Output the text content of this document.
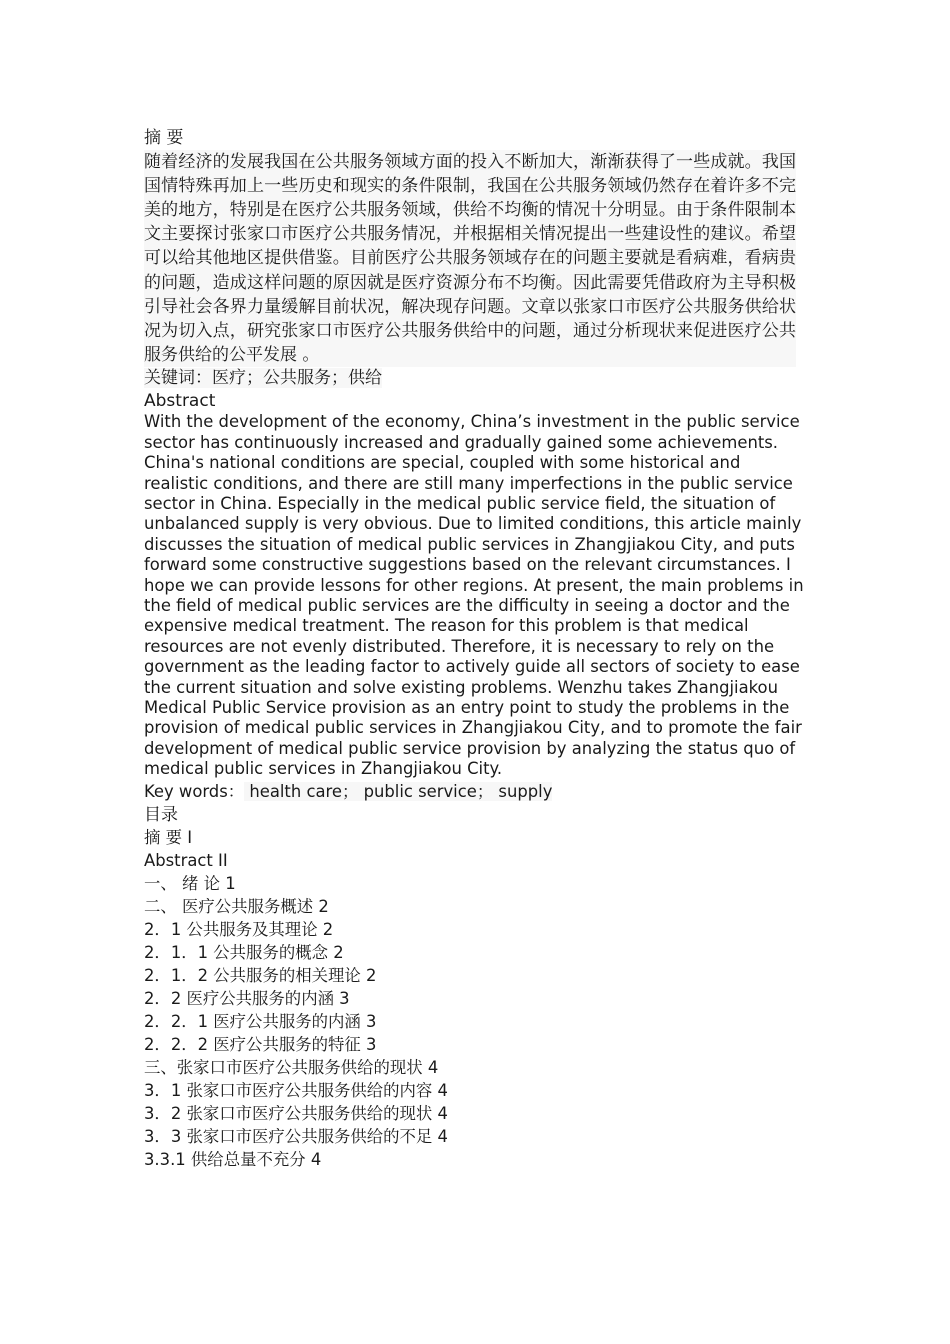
摘 要

随着经济的发展我国在公共服务领域方面的投入不断加大，渐渐获得了一些成就。我国国情特殊再加上一些历史和现实的条件限制，我国在公共服务领域仍然存在着许多不完美的地方，特别是在医疗公共服务领域，供给不均衡的情况十分明显。由于条件限制本文主要探讨张家口市医疗公共服务情况，并根据相关情况提出一些建设性的建议。希望可以给其他地区提供借鉴。目前医疗公共服务领域存在的问题主要就是看病难，看病贵的问题，造成这样问题的原因就是医疗资源分布不均衡。因此需要凭借政府为主导积极引导社会各界力量缓解目前状况，解决现存问题。文章以张家口市医疗公共服务供给状况为切入点，研究张家口市医疗公共服务供给中的问题，通过分析现状来促进医疗公共服务供给的公平发展 。

关键词：医疗；公共服务；供给
Abstract

With the development of the economy, China’s investment in the public service sector has continuously increased and gradually gained some achievements. China's national conditions are special, coupled with some historical and realistic conditions, and there are still many imperfections in the public service sector in China. Especially in the medical public service field, the situation of unbalanced supply is very obvious. Due to limited conditions, this article mainly discusses the situation of medical public services in Zhangjiakou City, and puts forward some constructive suggestions based on the relevant circumstances. I hope we can provide lessons for other regions. At present, the main problems in the field of medical public services are the difficulty in seeing a doctor and the expensive medical treatment. The reason for this problem is that medical resources are not evenly distributed. Therefore, it is necessary to rely on the government as the leading factor to actively guide all sectors of society to ease the current situation and solve existing problems. Wenzhu takes Zhangjiakou Medical Public Service provision as an entry point to study the problems in the provision of medical public services in Zhangjiakou City, and to promote the fair development of medical public service provision by analyzing the status quo of medical public services in Zhangjiakou City.

Key words： health care； public service； supply
目录
摘 要 I
Abstract II
一、 绪 论 1
二、 医疗公共服务概述 2
2．1 公共服务及其理论 2
2．1．1 公共服务的概念 2
2．1．2 公共服务的相关理论 2
2．2 医疗公共服务的内涵 3
2．2．1 医疗公共服务的内涵 3
2．2．2 医疗公共服务的特征 3
三、张家口市医疗公共服务供给的现状 4
3．1 张家口市医疗公共服务供给的内容 4
3．2 张家口市医疗公共服务供给的现状 4
3．3 张家口市医疗公共服务供给的不足 4
3.3.1 供给总量不充分 4
